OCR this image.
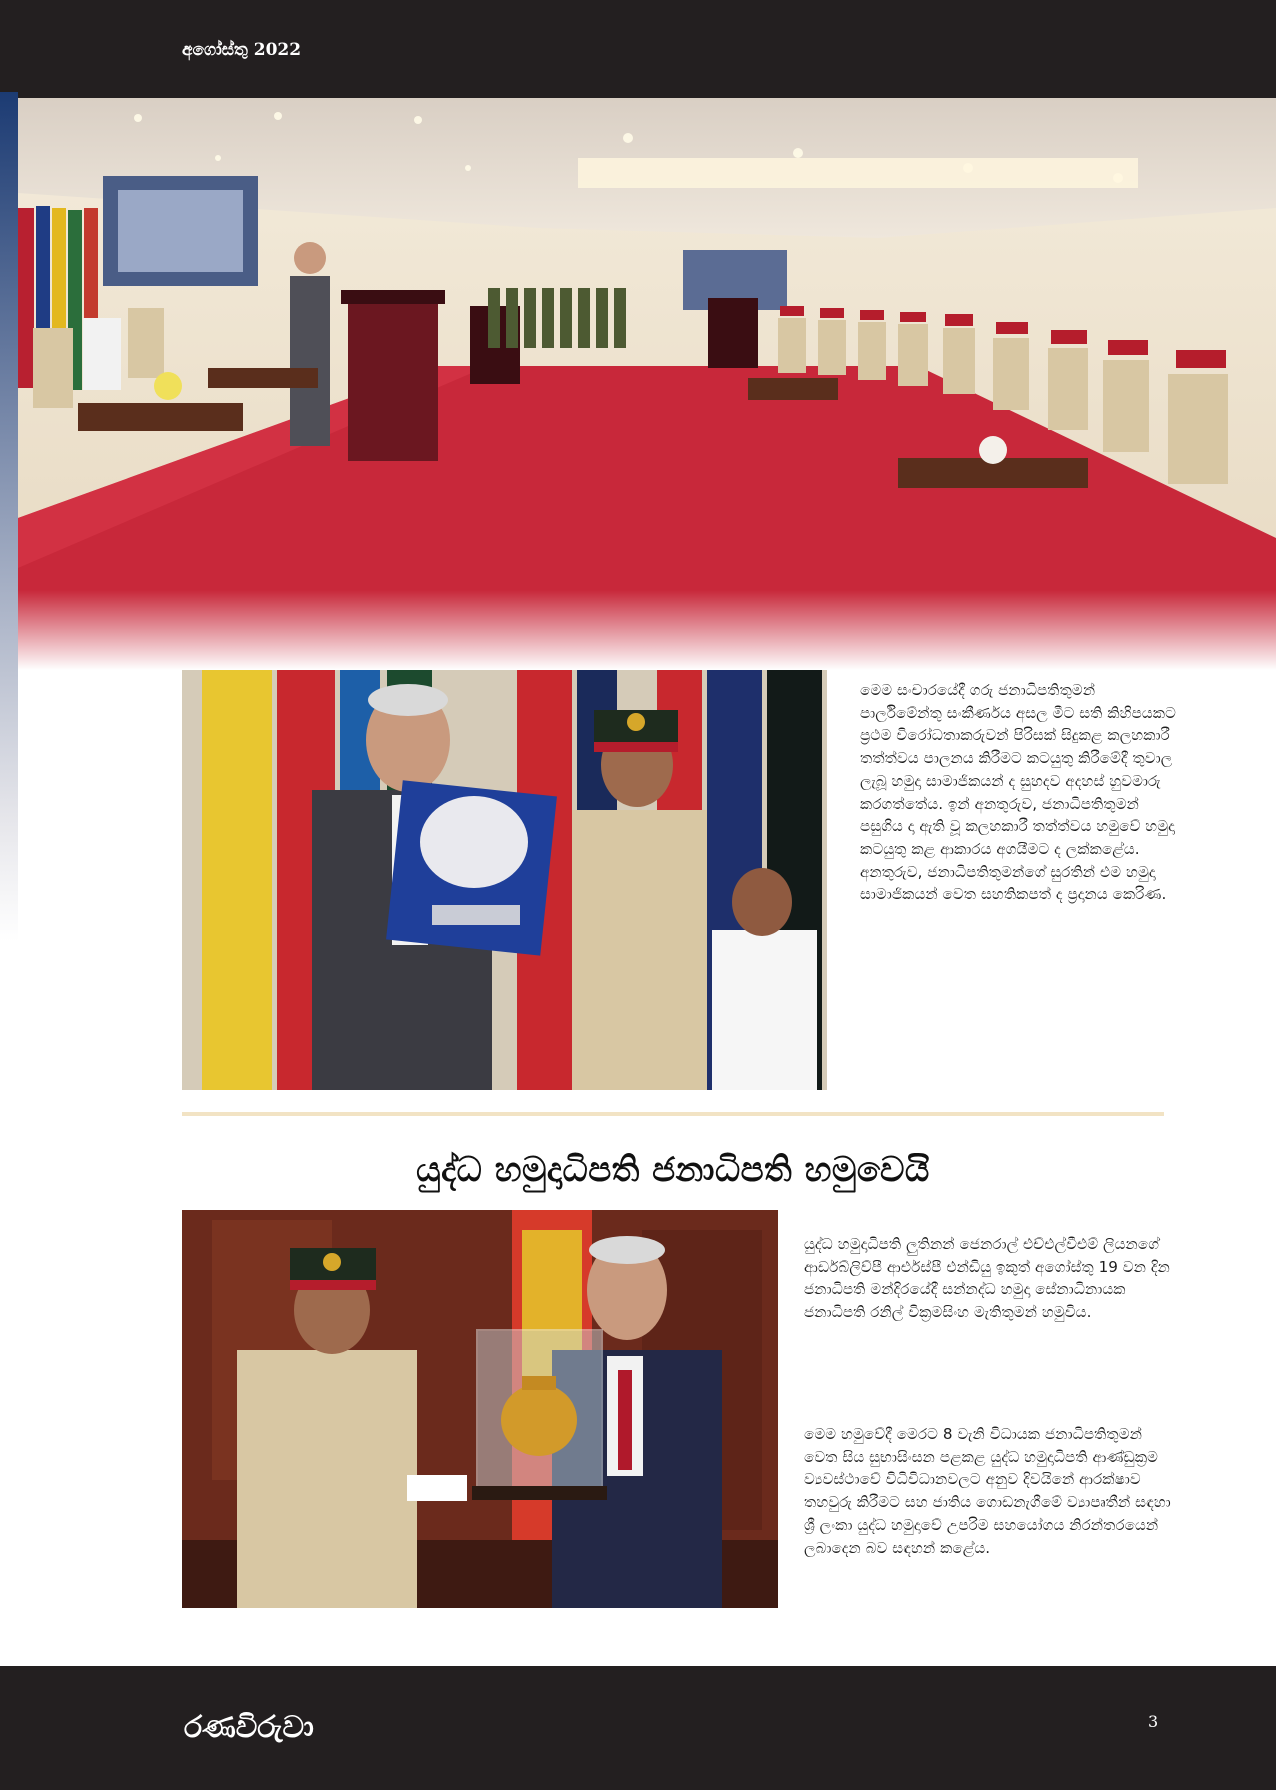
අගෝස්තු 2022
මෙම සංචාරයේදී ගරු ජනාධිපතිතුමන් පාර්ලිමේන්තු සංකීර්ණය අසල මීට සති කිහිපයකට ප්‍රථම විරෝධතාකරුවන් පිරිසක් සිදුකළ කලහකාරී තත්ත්වය පාලනය කිරීමට කටයුතු කිරීමේදී තුවාල ලැබූ හමුදා සාමාජිකයන් ද සුහදව අදහස් හුවමාරු කරගත්තේය. ඉන් අනතුරුව, ජනාධිපතිතුමන් පසුගිය දා ඇති වූ කලහකාරී තත්ත්වය හමුවේ හමුදා කටයුතු කළ ආකාරය අගයීමට ද ලක්කළේය. අනතුරුව, ජනාධිපතිතුමන්ගේ සුරතින් එම හමුදා සාමාජිකයන් වෙත සහතිකපත් ද ප්‍රදානය කෙරිණ.
යුද්ධ හමුදාධිපති ජනාධිපති හමුවෙයි
යුද්ධ හමුදාධිපති ලුතිනන් ජෙනරාල් එච්එල්වීඑම් ලියනගේ ආර්ඩබ්ලිව්පී ආර්එස්පී එන්ඩියු ඉකුත් අගෝස්තු 19 වන දින ජනාධිපති මන්දිරයේදී සන්නද්ධ හමුදා සේනාධිනායක ජනාධිපති රනිල් වික්‍රමසිංහ මැතිතුමන් හමුවිය.
මෙම හමුවේදී මෙරට 8 වැනි විධායක ජනාධිපතිතුමන් වෙත සිය සුභාසිංසන පළකළ යුද්ධ හමුදාධිපති ආණ්ඩුක්‍රම ව්‍යවස්ථාවේ විධිවිධානවලට අනුව දිවයිනේ ආරක්ෂාව තහවුරු කිරීමට සහ ජාතිය ගොඩනැගීමේ ව්‍යාපෘතීන් සඳහා ශ්‍රී ලංකා යුද්ධ හමුදාවේ උපරිම සහයෝගය නිරන්තරයෙන් ලබාදෙන බව සඳහන් කළේය.
රණවිරුවා	3
